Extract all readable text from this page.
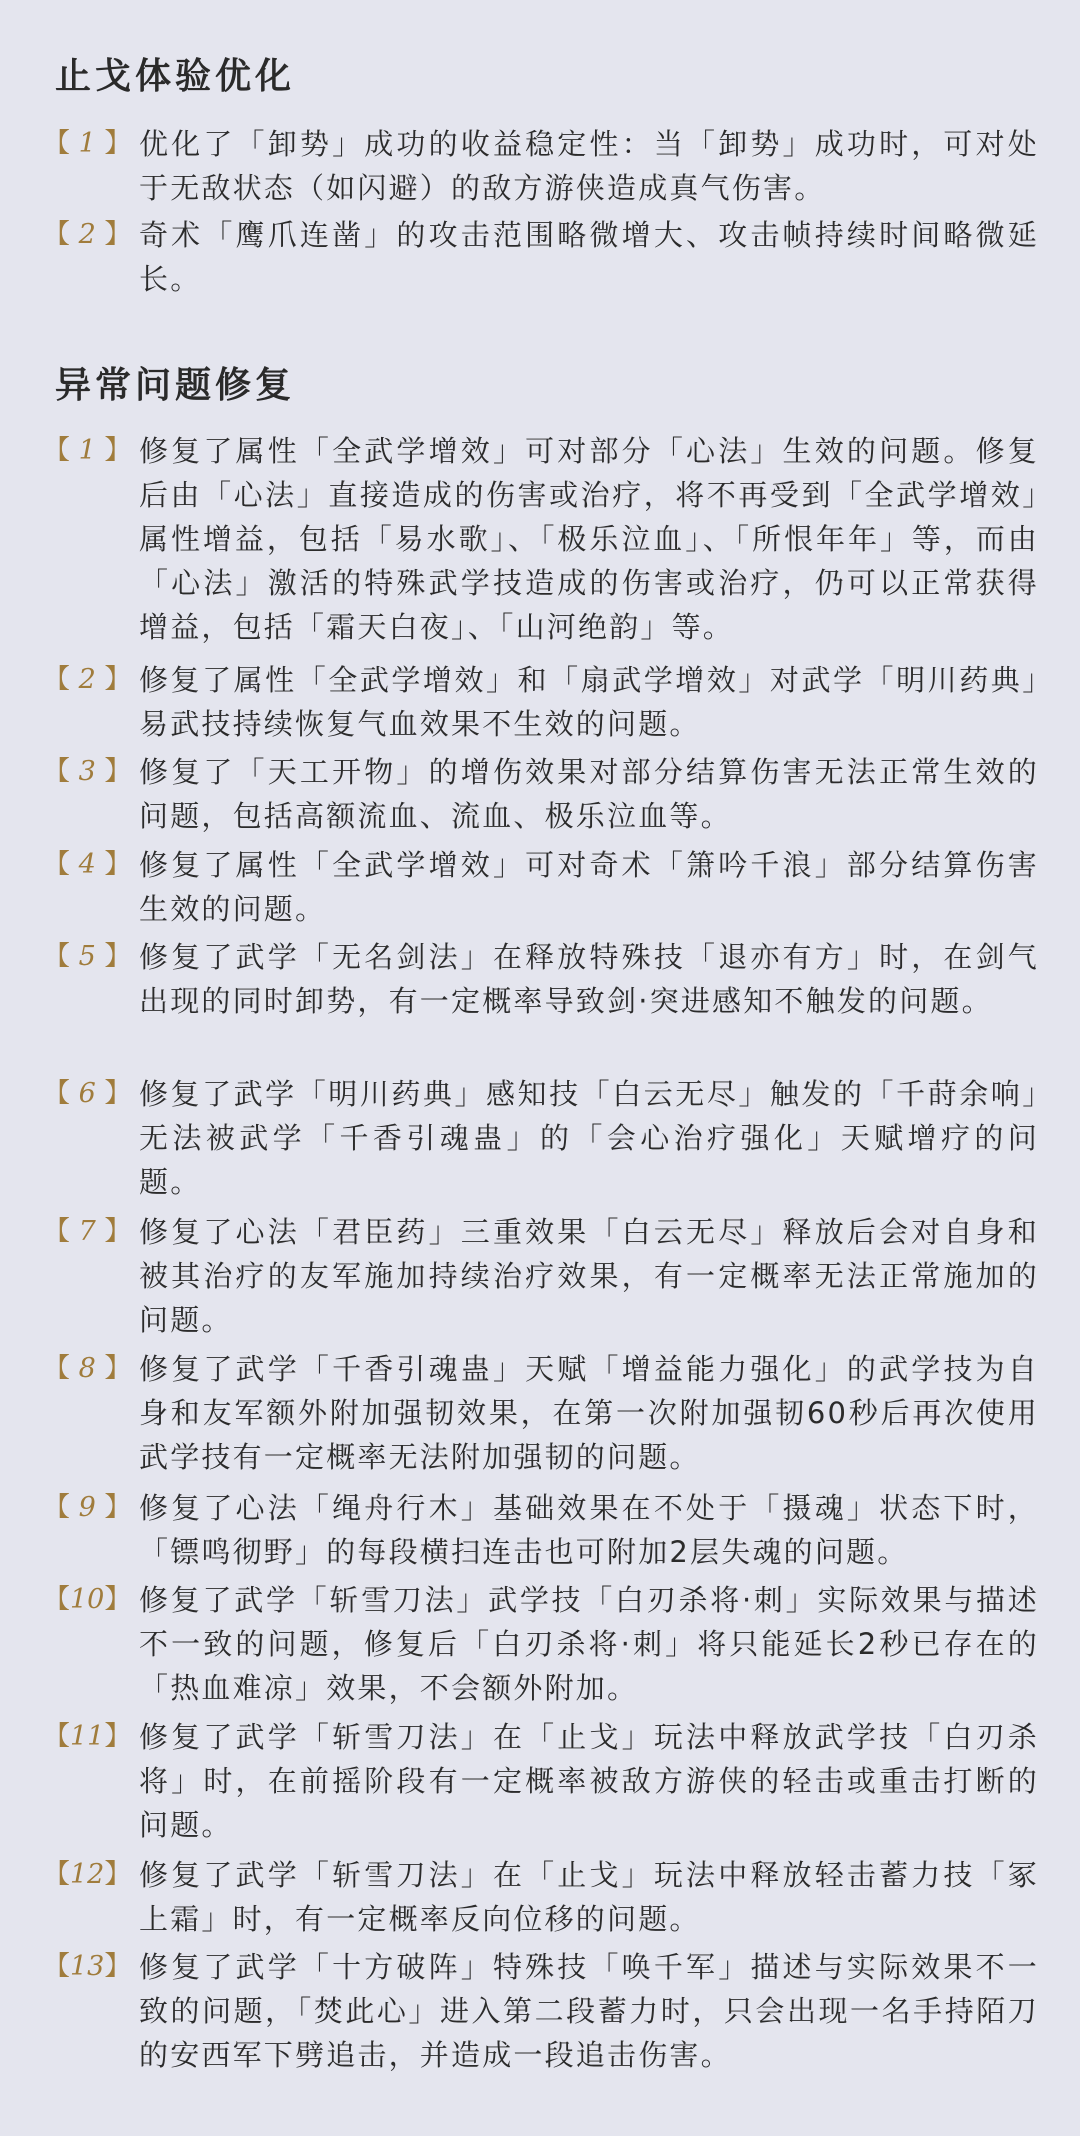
止戈体验优化
【 1 】 优化了「卸势」成功的收益稳定性：当「卸势」成功时，可对处于无敌状态（如闪避）的敌方游侠造成真气伤害。

【 2 】 奇术「鹰爪连凿」的攻击范围略微增大、攻击帧持续时间略微延长。

异常问题修复
【 1 】 修复了属性「全武学增效」可对部分「心法」生效的问题。修复后由「心法」直接造成的伤害或治疗，将不再受到「全武学增效」属性增益，包括「易水歌」、「极乐泣血」、「所恨年年」等，而由「心法」激活的特殊武学技造成的伤害或治疗，仍可以正常获得增益，包括「霜天白夜」、「山河绝韵」等。

【 2 】 修复了属性「全武学增效」和「扇武学增效」对武学「明川药典」易武技持续恢复气血效果不生效的问题。

【 3 】 修复了「天工开物」的增伤效果对部分结算伤害无法正常生效的问题，包括高额流血、流血、极乐泣血等。

【 4 】 修复了属性「全武学增效」可对奇术「箫吟千浪」部分结算伤害生效的问题。

【 5 】 修复了武学「无名剑法」在释放特殊技「退亦有方」时，在剑气出现的同时卸势，有一定概率导致剑·突进感知不触发的问题。

【 6 】 修复了武学「明川药典」感知技「白云无尽」触发的「千莳余响」无法被武学「千香引魂蛊」的「会心治疗强化」天赋增疗的问题。

【 7 】 修复了心法「君臣药」三重效果「白云无尽」释放后会对自身和被其治疗的友军施加持续治疗效果，有一定概率无法正常施加的问题。

【 8 】 修复了武学「千香引魂蛊」天赋「增益能力强化」的武学技为自身和友军额外附加强韧效果，在第一次附加强韧60秒后再次使用武学技有一定概率无法附加强韧的问题。

【 9 】 修复了心法「绳舟行木」基础效果在不处于「摄魂」状态下时，「镖鸣彻野」的每段横扫连击也可附加2层失魂的问题。

【10】 修复了武学「斩雪刀法」武学技「白刃杀将·刺」实际效果与描述不一致的问题，修复后「白刃杀将·刺」将只能延长2秒已存在的「热血难凉」效果，不会额外附加。

【11】 修复了武学「斩雪刀法」在「止戈」玩法中释放武学技「白刃杀将」时，在前摇阶段有一定概率被敌方游侠的轻击或重击打断的问题。

【12】 修复了武学「斩雪刀法」在「止戈」玩法中释放轻击蓄力技「冢上霜」时，有一定概率反向位移的问题。

【13】 修复了武学「十方破阵」特殊技「唤千军」描述与实际效果不一致的问题，「焚此心」进入第二段蓄力时，只会出现一名手持陌刀的安西军下劈追击，并造成一段追击伤害。
